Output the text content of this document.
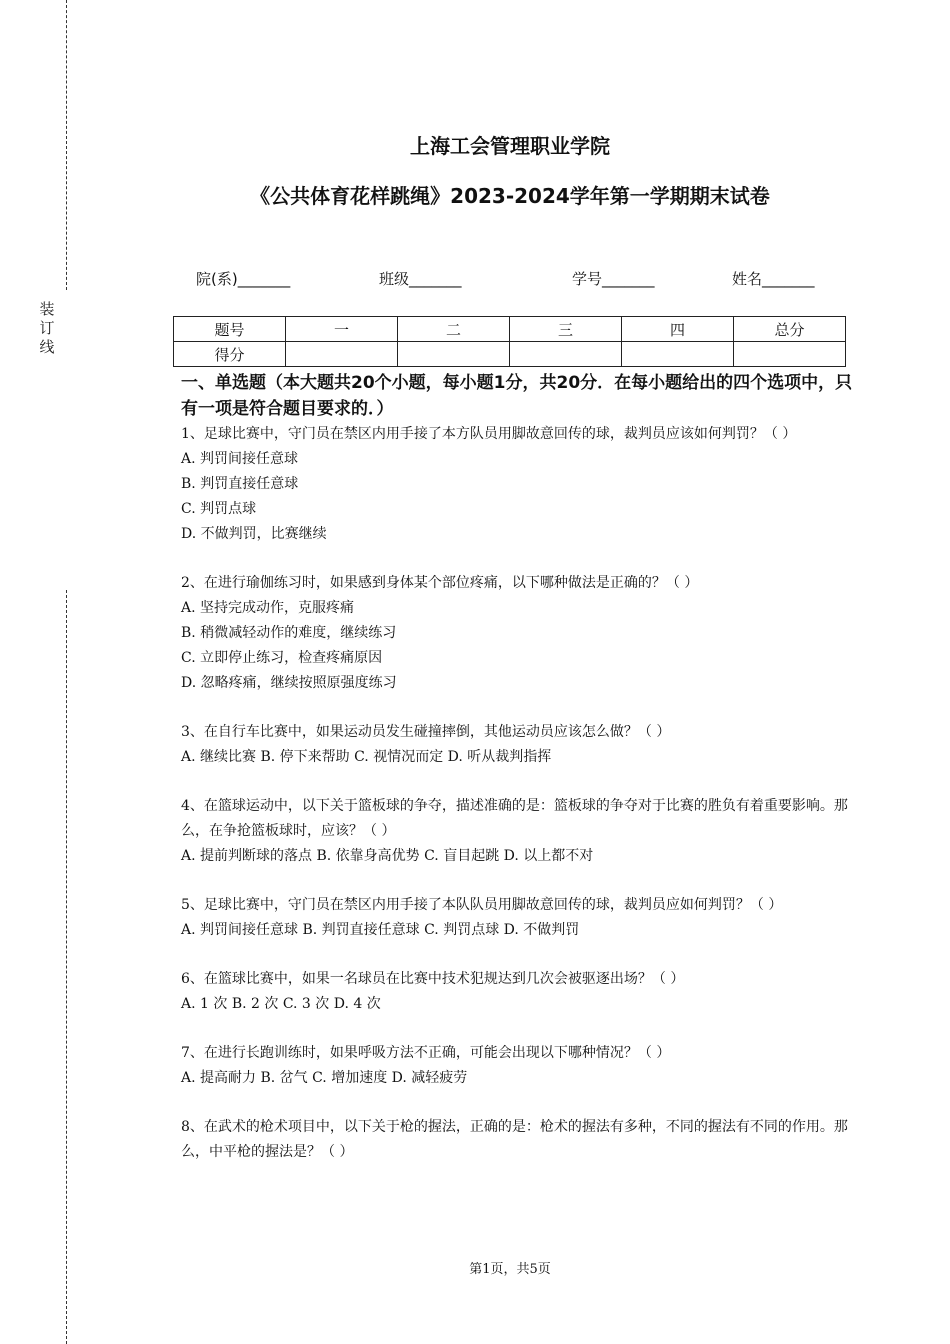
装
订
线
上海工会管理职业学院
《公共体育花样跳绳》2023-2024学年第一学期期末试卷
院(系)_______	班级_______	学号_______	姓名_______
题号	一	二	三	四	总分
得分					

一、单选题（本大题共20个小题，每小题1分，共20分．在每小题给出的四个选项中，只有一项是符合题目要求的．）

1、足球比赛中，守门员在禁区内用手接了本方队员用脚故意回传的球，裁判员应该如何判罚？（ ）

A. 判罚间接任意球

B. 判罚直接任意球

C. 判罚点球

D. 不做判罚，比赛继续

2、在进行瑜伽练习时，如果感到身体某个部位疼痛，以下哪种做法是正确的？（ ）

A. 坚持完成动作，克服疼痛

B. 稍微减轻动作的难度，继续练习

C. 立即停止练习，检查疼痛原因

D. 忽略疼痛，继续按照原强度练习

3、在自行车比赛中，如果运动员发生碰撞摔倒，其他运动员应该怎么做？（ ）

A. 继续比赛 B. 停下来帮助 C. 视情况而定 D. 听从裁判指挥

4、在篮球运动中，以下关于篮板球的争夺，描述准确的是：篮板球的争夺对于比赛的胜负有着重要影响。那么，在争抢篮板球时，应该？（ ）

A. 提前判断球的落点 B. 依靠身高优势 C. 盲目起跳 D. 以上都不对

5、足球比赛中，守门员在禁区内用手接了本队队员用脚故意回传的球，裁判员应如何判罚？（ ）

A. 判罚间接任意球 B. 判罚直接任意球 C. 判罚点球 D. 不做判罚

6、在篮球比赛中，如果一名球员在比赛中技术犯规达到几次会被驱逐出场？（ ）

A. 1 次 B. 2 次 C. 3 次 D. 4 次

7、在进行长跑训练时，如果呼吸方法不正确，可能会出现以下哪种情况？（ ）

A. 提高耐力 B. 岔气 C. 增加速度 D. 减轻疲劳

8、在武术的枪术项目中，以下关于枪的握法，正确的是：枪术的握法有多种，不同的握法有不同的作用。那么，中平枪的握法是？（ ）

第1页，共5页
